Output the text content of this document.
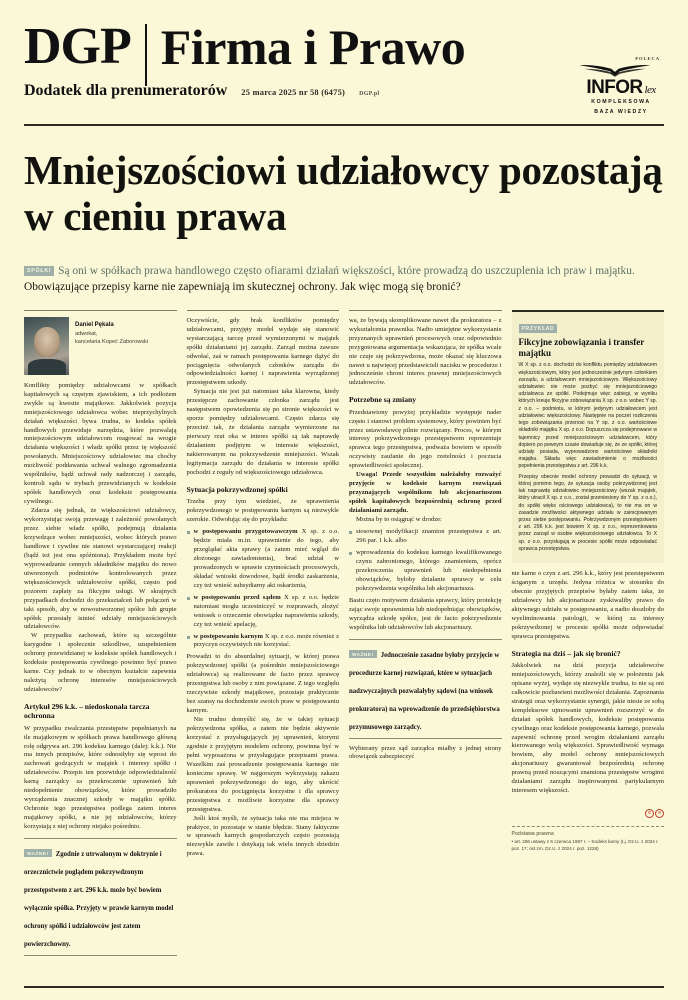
DGP Firma i Prawo
Dodatek dla prenumeratorów 25 marca 2025 nr 58 (6475) DGP.pl
POLECA
INFOR lex
KOMPLEKSOWA
BAZA WIEDZY
Mniejszościowi udziałowcy pozostają w cieniu prawa
SPÓŁKI Są oni w spółkach prawa handlowego często ofiarami działań większości, które prowadzą do uszczuplenia ich praw i majątku. Obowiązujące przepisy karne nie zapewniają im skutecznej ochrony. Jak więc mogą się bronić?
Daniel Pękala
adwokat,
kancelaria Kopeć Zaborowski

Konflikty pomiędzy udziałowcami w spółkach kapitałowych są częstym zjawiskiem, a ich podłożem zwykle są kwestie majątkowe. Jakkolwiek pozycja mniejszościowego udziałowca wobec nieprzychylnych działań większości bywa trudna, to kodeks spółek handlowych przewiduje narzędzia, które pozwalają mniejszościowym udziałowcom reagować na wrogie działania większości i władz spółki przez tę większość powołanych. Mniejszościowy udziałowiec ma choćby możliwość poddawania uchwał walnego zgromadzenia wspólników, bądź uchwał rady nadzorczej i zarządu, kontroli sądu w trybach przewidzianych w kodeksie spółek handlowych oraz kodeksie postępowania cywilnego.

Zdarza się jednak, że większościowi udziałowcy, wykorzystując swoją przewagę i zależność powołanych przez siebie władz spółki, podejmują działania krzywdzące wobec mniejszości, wobec których prawo handlowe i cywilne nie stanowi wystarczającej reakcji (bądź też jest ona spóźniona). Przykładem może być wyprowadzanie cennych składników majątku do nowo utworzonych podmiotów kontrolowanych przez większościowych udziałowców spółki, często pod pozorem zapłaty za fikcyjne usługi. W skrajnych przypadkach dochodzi do przekształceń lub połączeń w taki sposób, aby w nowoutworzonej spółce lub grupie spółek przestały istnieć udziały mniejszościowych udziałowców.

W przypadku zachowań, które są szczególnie karygodne i społecznie szkodliwe, uzupełnieniem ochrony przewidzianej w kodeksie spółek handlowych i kodeksie postępowania cywilnego powinno być prawo karne. Czy jednak to w obecnym kształcie zapewnia należytą ochronę interesów mniejszościowych udziałowców?

Artykuł 296 k.k. – niedoskonała tarcza ochronna

W przypadku zwalczania przestępstw popełnianych na tle majątkowym w spółkach prawa handlowego główną rolę odgrywa art. 296 kodeksu karnego (dalej: k.k.). Nie ma innych przepisów, które odnosiłyby się wprost do zachowań godzących w majątek i interesy spółki i udziałowców. Przepis ten przewiduje odpowiedzialność karną zarządcy za przekroczenie uprawnień lub niedopełnienie obowiązków, które prowadziło wyrządzenia znacznej szkody w majątku spółki. Ochronie tego przestępstwa podlega zatem interes majątkowy spółki, a nie jej udziałowców, którzy korzystają z niej ochrony niejako pośrednio.

WAŻNE! Zgodnie z utrwalonym w doktrynie i orzecznictwie poglądem pokrzywdzonym przestępstwem z art. 296 k.k. może być bowiem wyłącznie spółka. Przyjęty w prawie karnym model ochrony spółki i udziałowców jest zatem powierzchowny.

Oczywiście, gdy brak konfliktów pomiędzy udziałowcami, przyjęty model wydaje się stanowić wystarczającą tarczę przed wymierzonymi w majątek spółki działaniami jej zarządu. Zarząd można zawsze odwołać, zaś w ramach postępowania karnego dążyć do pociągnięcia odwołanych członków zarządu do odpowiedzialności karnej i naprawienia wyrządzonej przestępstwem szkody.

Sytuacja nie jest już natomiast taka klarowna, kiedy przestępcze zachowanie członka zarządu jest następstwem opowiedzenia się po stronie większości w sporze pomiędzy udziałowcami. Często zdarza się przecież tak, że działania zarządu wymierzone na pierwszy rzut oka w interes spółki są tak naprawdę działaniem podjętym w interesie większości, nakierowanym na pokrzywdzenie mniejszości. Wszak legitymacja zarządu do działania w interesie spółki pochodzi z reguły od większościowego udziałowca.

Sytuacja pokrzywdzonej spółki

Trzeba przy tym wiedzieć, że uprawnienia pokrzywdzonego w postępowaniu karnym są niezwykle szerokie. Odwołując się do przykładu:

w postępowaniu przygotowawczym X sp. z o.o. będzie miała m.in. uprawnienie do tego, aby przeglądać akta sprawy (a zatem mieć wgląd do złożonego zawiadomienia), brać udział w prowadzonych w sprawie czynnościach procesowych, składać wnioski dowodowe, bądź środki zaskarżenia, czy też wnieść subsydiarny akt oskarżenia,
w postępowaniu przed sądem X sp. z o.o. będzie natomiast mogła uczestniczyć w rozprawach, złożyć wniosek o orzeczenie obowiązku naprawienia szkody, czy też wnieść apelację,
w postępowaniu karnym X sp. z o.o. może również z przyczyn oczywistych nie korzystać.

Prowadzi to do absurdalnej sytuacji, w której prawa pokrzywdzonej spółki (a pośrednio mniejszościowego udziałowca) są realizowane de facto przez sprawcę przestępstwa lub osoby z nim powiązane. Z tego względu rzeczywiste szkody majątkowe, pozostaje praktycznie bez szansy na dochodzenie swoich praw w postępowaniu karnym.

Nie trudno domyślić się, że w takiej sytuacji pokrzywdzona spółka, a zatem nie będzie aktywnie korzystać z przysługujących jej uprawnień, ktorymi zgodnie z przyjętym modelem ochrony, powinna być w pełni wyposażona w przysługujące przepisami prawa. Wszelkim zaś prowadzenie postępowania karnego nie konieczne sprawę. W najgorszym wykrzystają zakazu uprawnień pokrzywdzonego do tego, aby ukrócić prokuratora do pociągnięcia korzystne i dla sprawcy przestępstwa z możliwie korzystne dla sprawcy przestępstwa.

Jeśli ktoś myśli, że sytuacja taka nie ma miejsca w praktyce, to pozostaje w stanie błędzie. Stany faktyczne w sprawach karnych gospodarczych często pozostają niezwykle zawiłe i dotykają tak wielu innych dziedzin prawa.

wa, że bywają skomplikowane nawet dla prokuratora – z wykształcenia prawnika. Nadto umiejętne wykorzystanie przyznanych uprawnień procesowych oraz odpowiednio przygotowana argumentacja wskazująca, że spółka wcale nie czuje się pokrzywdzona, może okazać się kluczowa nawet u najwięcej przedstawicieli nacisku w procedurze i jednocześnie chroni interes prawnej mniejszościowych udziałowców.

Potrzebne są zmiany

Przedstawiony powyżej przykładzie występuje nader często i stanowi problem systemowy, który powinien być przez ustawodawcę pilnie rozwiązany. Proces, w którym interesy pokrzywdzonego przestępstwem reprezentuje sprawca tego przestępstwa, podważa bowiem w sposób oczywisty zaufanie do jego rzetelności i poczucia sprawiedliwości społecznej.

Uwaga! Przede wszystkim należałoby rozważyć przyjęcie w kodeksie karnym rozwiązań przyznających wspólnikom lub akcjonariuszom spółek kapitałowych bezpośrednią ochronę przed działaniami zarządu.

Można by to osiągnąć w drodze:

stosownej modyfikacji znamion przestępstwa z art. 296 par. 1 k.k. albo
wprowadzenia do kodeksu karnego kwalifikowanego czynu zabronionego, którego znamieniem, oprócz przekroczenia uprawnień lub niedopełnienia obowiązków, byłoby działanie sprawcy w celu pokrzywdzenia wspólnika lub akcjonariusza.

Bastu częto motywem działania sprawcy, który protekcję zając swoje uprawnienia lub niedopełniając obowiązków, wyrządza szkodę spółce, jest de facto pokrzywdzenie wspólnika lub udziałowców lub akcjonariuszy.

WAŻNE! Jednocześnie zasadne byłoby przyjęcie w procedurze karnej rozwiązań, które w sytuacjach nadzwyczajnych pozwalałyby sądowi (na wniosek prokuratora) na wprowadzenie do przedsiębiorstwa przymusowego zarządcy.

Wybierany przez sąd zarządca miałby z jednej strony obowiązek zabezpieczyć

PRZYKŁAD
Fikcyjne zobowiązania i transfer majątku

W X sp. z o.o. dochodzi do konfliktu pomiędzy udziałowcem większościowym, który jest jednocześnie jedynym członkiem zarządu, a udziałowcem mniejszościowym. Większościowy udziałowiec nie może pozbyć się mniejszościowego udziałowca ze spółki. Podejmuje więc zabiegi, w wyniku których kreuje fikcyjne zobowiązania X sp. z o.o. wobec Y sp. z o.o. – podmiotu, w którym jedynym udziałowcem jest udziałowiec większościowy. Następnie na poczet rozliczenia tego zobowiązania przenosi na Y sp. z o.o. wartościowe składniki majątku X sp. z o.o. Dopuszcza się podejmowane w tajemnicy przed mniejszościowym udziałowcem, który dopiero po pewnym czasie dowiaduje się, że ze spółki, której udziały posiada, wyprowadzono wartościowe składniki majątku. Składa więc zawiadomienie o możliwości popełnienia przestępstwa z art. 296 k.k.

Przepisy obecnie model ochrony prowadzi do sytuacji, w której pomimo tego, że sytuacja osoby pokrzywdzonej jest tak naprawdę udziałowiec mniejszościowy (wszak majątek, który utracił X sp. z o.o., został przeniesiony do Y sp. z o.o.), do spółki więks ościowego udziałowca), to nie ma on w zasadzie możliwości aktywnego udziału w zainicjowanym przez siebie postępowaniu. Pokrzywdzonym przestępstwem z art. 296 k.k. jest bowiem X sp. z o.o., reprezentowana przez zarząd w osobie większościowego udziałowca. To X sp. z o.o. przysługują w procesie spółki może odpowiadać sprawca przestępstwa.

nie karne o czyn z art. 296 k.k., który jest przestępstwem ściganym z urzędu. Jedyna różnica w stosunku do obecnie przyjętych przepisów byłaby zatem taka, że udziałowcy lub akcjonariusze zyskiwaliby prawo do aktywnego udziału w postępowaniu, a nadto doszłoby do wyeliminowania patologii, w której za interesy pokrzywdzonej w procesie spółki może odpowiadać sprawca przestępstwa.

Strategia na dziś – jak się bronić?

Jakkolwiek na dziś pozycja udziałowców mniejszościowych, którzy znaleźli się w położeniu jak opisane wyżej, wydaje się niezwykle trudna, to nie są oni całkowicie pozbawieni możliwości działania. Zapoznania strategii oraz wykorzystanie synergii, jakie niesie ze sobą kompleksowe ujmowanie uprawnień rozszerzyć w do działań spółek handlowych, kodeksie postępowania cywilnego oraz kodeksie postępowania karnego, pozwala zapewnić ochronę przed wrogim działaniami zarządu kierowanego wolą większości. Sprawiedliwość wymaga bowiem, aby model ochrony mniejszościowych akcjonariuszy gwarantował bezpośrednią ochronę prawną przed noszącymi znamiona przestępstw wrogimi działaniami zarządu inspirowanymi partykularnym interesem większości.

© ℗
Podstawa prawna
• art. 296 ustawy z 6 czerwca 1997 r. – Kodeks karny (t.j. Dz.U. z 2024 r. poz. 17; ost.zm. Dz.U. z 2024 r. poz. 1228)
